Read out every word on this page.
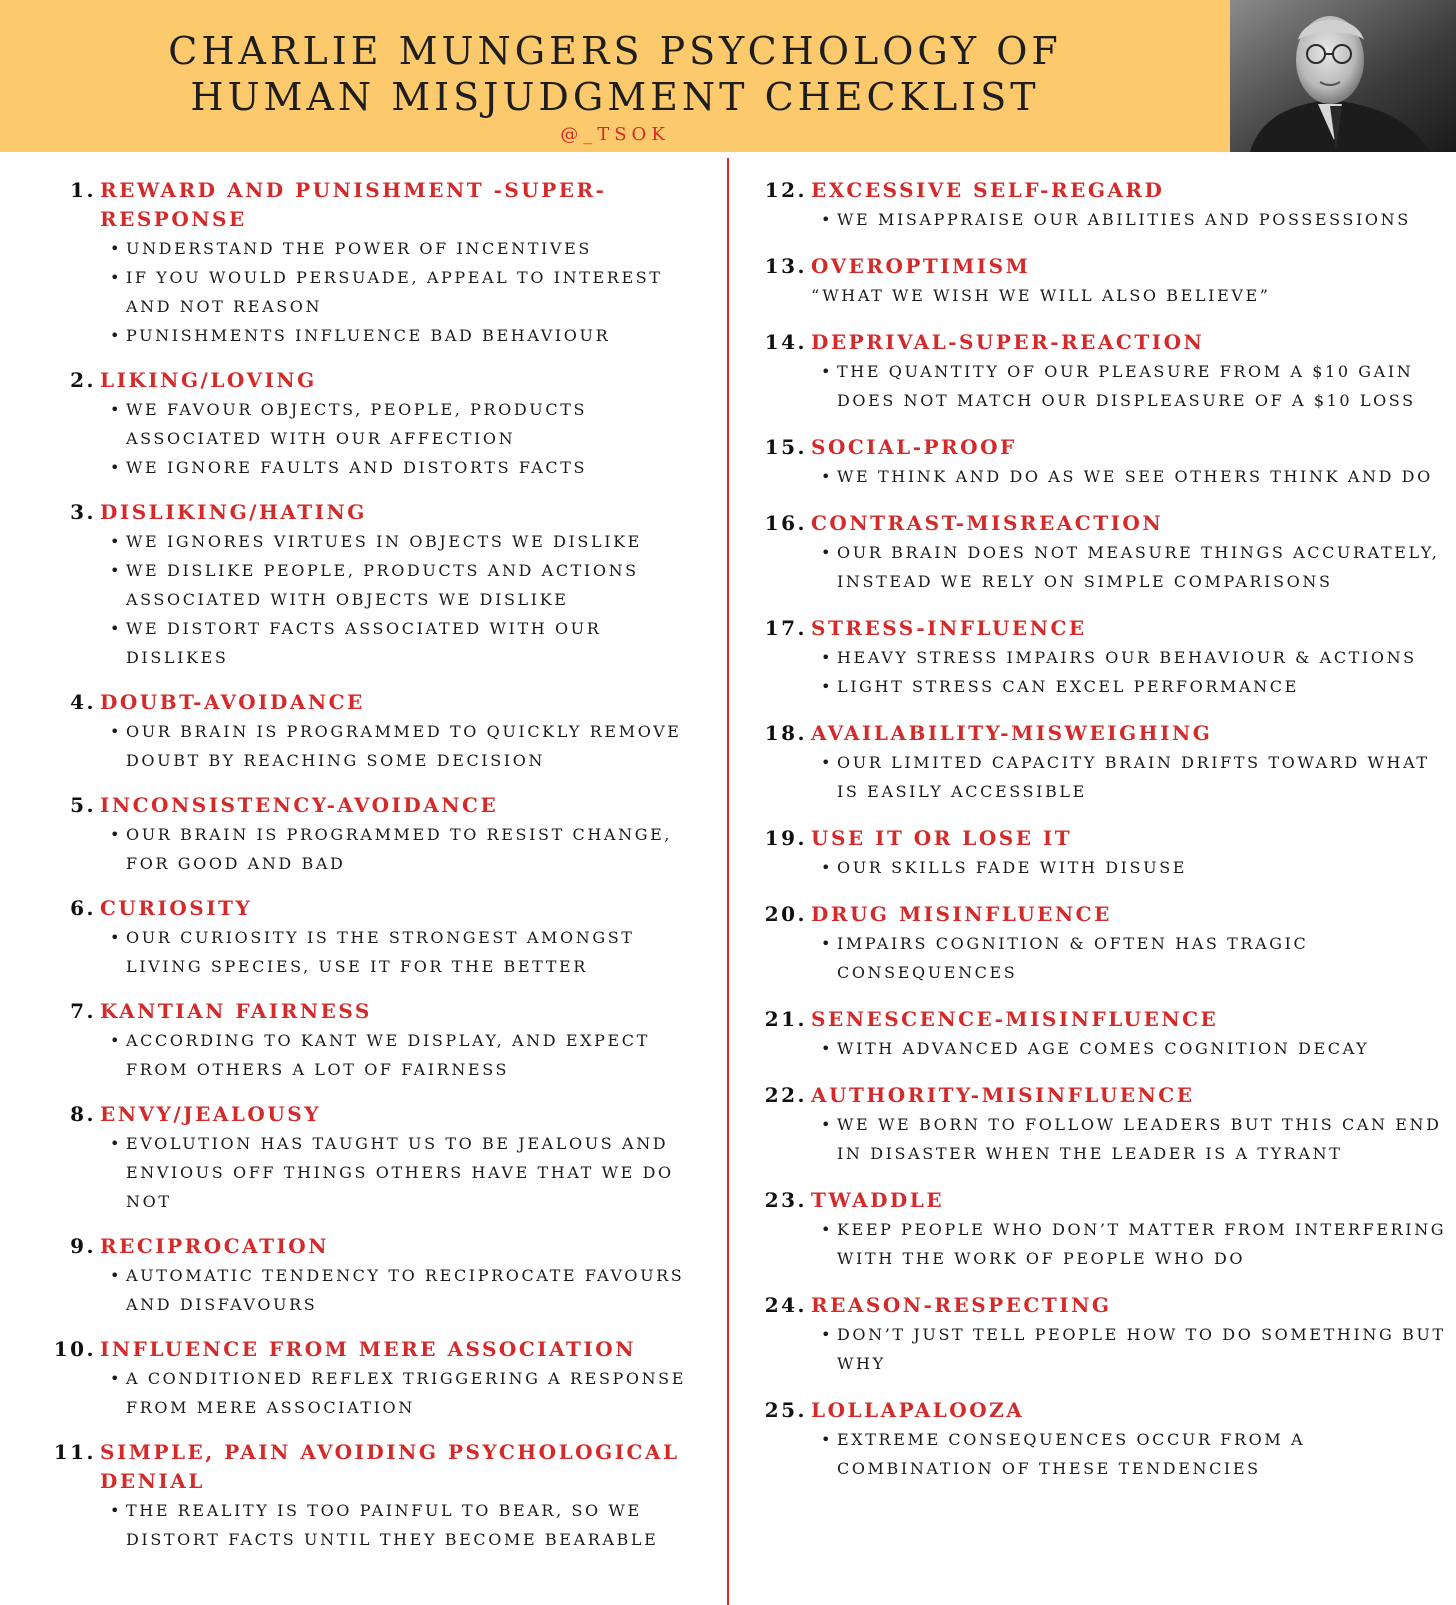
CHARLIE MUNGERS PSYCHOLOGY OF
HUMAN MISJUDGMENT CHECKLIST
@_TSOK
1. REWARD AND PUNISHMENT -SUPER-RESPONSE
• UNDERSTAND THE POWER OF INCENTIVES
• IF YOU WOULD PERSUADE, APPEAL TO INTEREST AND NOT REASON
• PUNISHMENTS INFLUENCE BAD BEHAVIOUR
2. LIKING/LOVING
• WE FAVOUR OBJECTS, PEOPLE, PRODUCTS ASSOCIATED WITH OUR AFFECTION
• WE IGNORE FAULTS AND DISTORTS FACTS
3. DISLIKING/HATING
• WE IGNORES VIRTUES IN OBJECTS WE DISLIKE
• WE DISLIKE PEOPLE, PRODUCTS AND ACTIONS ASSOCIATED WITH OBJECTS WE DISLIKE
• WE DISTORT FACTS ASSOCIATED WITH OUR DISLIKES
4. DOUBT-AVOIDANCE
• OUR BRAIN IS PROGRAMMED TO QUICKLY REMOVE DOUBT BY REACHING SOME DECISION
5. INCONSISTENCY-AVOIDANCE
• OUR BRAIN IS PROGRAMMED TO RESIST CHANGE, FOR GOOD AND BAD
6. CURIOSITY
• OUR CURIOSITY IS THE STRONGEST AMONGST LIVING SPECIES, USE IT FOR THE BETTER
7. KANTIAN FAIRNESS
• ACCORDING TO KANT WE DISPLAY, AND EXPECT FROM OTHERS A LOT OF FAIRNESS
8. ENVY/JEALOUSY
• EVOLUTION HAS TAUGHT US TO BE JEALOUS AND ENVIOUS OFF THINGS OTHERS HAVE THAT WE DO NOT
9. RECIPROCATION
• AUTOMATIC TENDENCY TO RECIPROCATE FAVOURS AND DISFAVOURS
10. INFLUENCE FROM MERE ASSOCIATION
• A CONDITIONED REFLEX TRIGGERING A RESPONSE FROM MERE ASSOCIATION
11. SIMPLE, PAIN AVOIDING PSYCHOLOGICAL DENIAL
• THE REALITY IS TOO PAINFUL TO BEAR, SO WE DISTORT FACTS UNTIL THEY BECOME BEARABLE
12. EXCESSIVE SELF-REGARD
• WE MISAPPRAISE OUR ABILITIES AND POSSESSIONS
13. OVEROPTIMISM
“WHAT WE WISH WE WILL ALSO BELIEVE”
14. DEPRIVAL-SUPER-REACTION
• THE QUANTITY OF OUR PLEASURE FROM A $10 GAIN DOES NOT MATCH OUR DISPLEASURE OF A $10 LOSS
15. SOCIAL-PROOF
• WE THINK AND DO AS WE SEE OTHERS THINK AND DO
16. CONTRAST-MISREACTION
• OUR BRAIN DOES NOT MEASURE THINGS ACCURATELY, INSTEAD WE RELY ON SIMPLE COMPARISONS
17. STRESS-INFLUENCE
• HEAVY STRESS IMPAIRS OUR BEHAVIOUR & ACTIONS
• LIGHT STRESS CAN EXCEL PERFORMANCE
18. AVAILABILITY-MISWEIGHING
• OUR LIMITED CAPACITY BRAIN DRIFTS TOWARD WHAT IS EASILY ACCESSIBLE
19. USE IT OR LOSE IT
• OUR SKILLS FADE WITH DISUSE
20. DRUG MISINFLUENCE
• IMPAIRS COGNITION & OFTEN HAS TRAGIC CONSEQUENCES
21. SENESCENCE-MISINFLUENCE
• WITH ADVANCED AGE COMES COGNITION DECAY
22. AUTHORITY-MISINFLUENCE
• WE WE BORN TO FOLLOW LEADERS BUT THIS CAN END IN DISASTER WHEN THE LEADER IS A TYRANT
23. TWADDLE
• KEEP PEOPLE WHO DON’T MATTER FROM INTERFERING WITH THE WORK OF PEOPLE WHO DO
24. REASON-RESPECTING
• DON’T JUST TELL PEOPLE HOW TO DO SOMETHING BUT WHY
25. LOLLAPALOOZA
• EXTREME CONSEQUENCES OCCUR FROM A COMBINATION OF THESE TENDENCIES
